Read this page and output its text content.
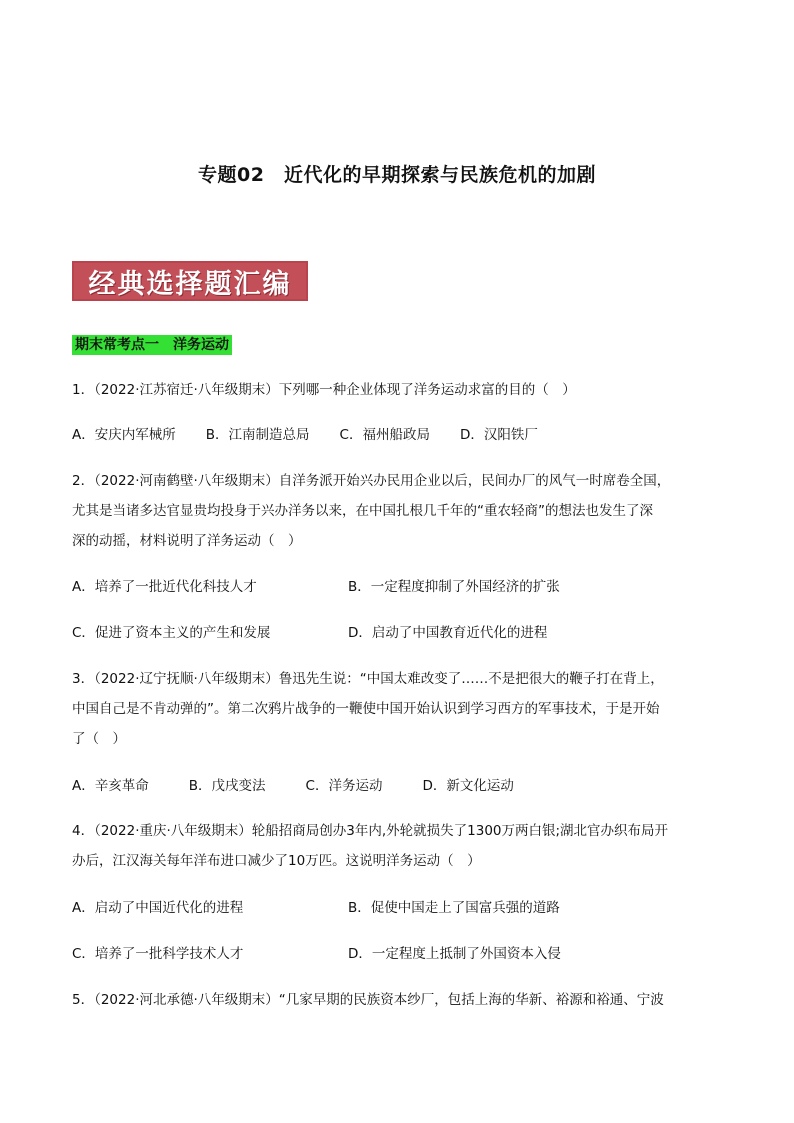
专题02　近代化的早期探索与民族危机的加剧
经典选择题汇编
期末常考点一　洋务运动
1．（2022·江苏宿迁·八年级期末）下列哪一种企业体现了洋务运动求富的目的（　）
A．安庆内军械所 B．江南制造总局 C．福州船政局 D．汉阳铁厂
2．（2022·河南鹤壁·八年级期末）自洋务派开始兴办民用企业以后，民间办厂的风气一时席卷全国，
尤其是当诸多达官显贵均投身于兴办洋务以来，在中国扎根几千年的“重农轻商”的想法也发生了深
深的动摇，材料说明了洋务运动（　）
A．培养了一批近代化科技人才	B．一定程度抑制了外国经济的扩张
C．促进了资本主义的产生和发展	D．启动了中国教育近代化的进程
3．（2022·辽宁抚顺·八年级期末）鲁迅先生说：“中国太难改变了……不是把很大的鞭子打在背上，
中国自己是不肯动弹的”。第二次鸦片战争的一鞭使中国开始认识到学习西方的军事技术，于是开始
了（　）
A．辛亥革命	B．戊戌变法	C．洋务运动	D．新文化运动
4．（2022·重庆·八年级期末）轮船招商局创办3年内,外轮就损失了1300万两白银;湖北官办织布局开
办后，江汉海关每年洋布进口减少了10万匹。这说明洋务运动（　）
A．启动了中国近代化的进程	B．促使中国走上了国富兵强的道路
C．培养了一批科学技术人才	D．一定程度上抵制了外国资本入侵
5．（2022·河北承德·八年级期末）“几家早期的民族资本纱厂，包括上海的华新、裕源和裕通、宁波
